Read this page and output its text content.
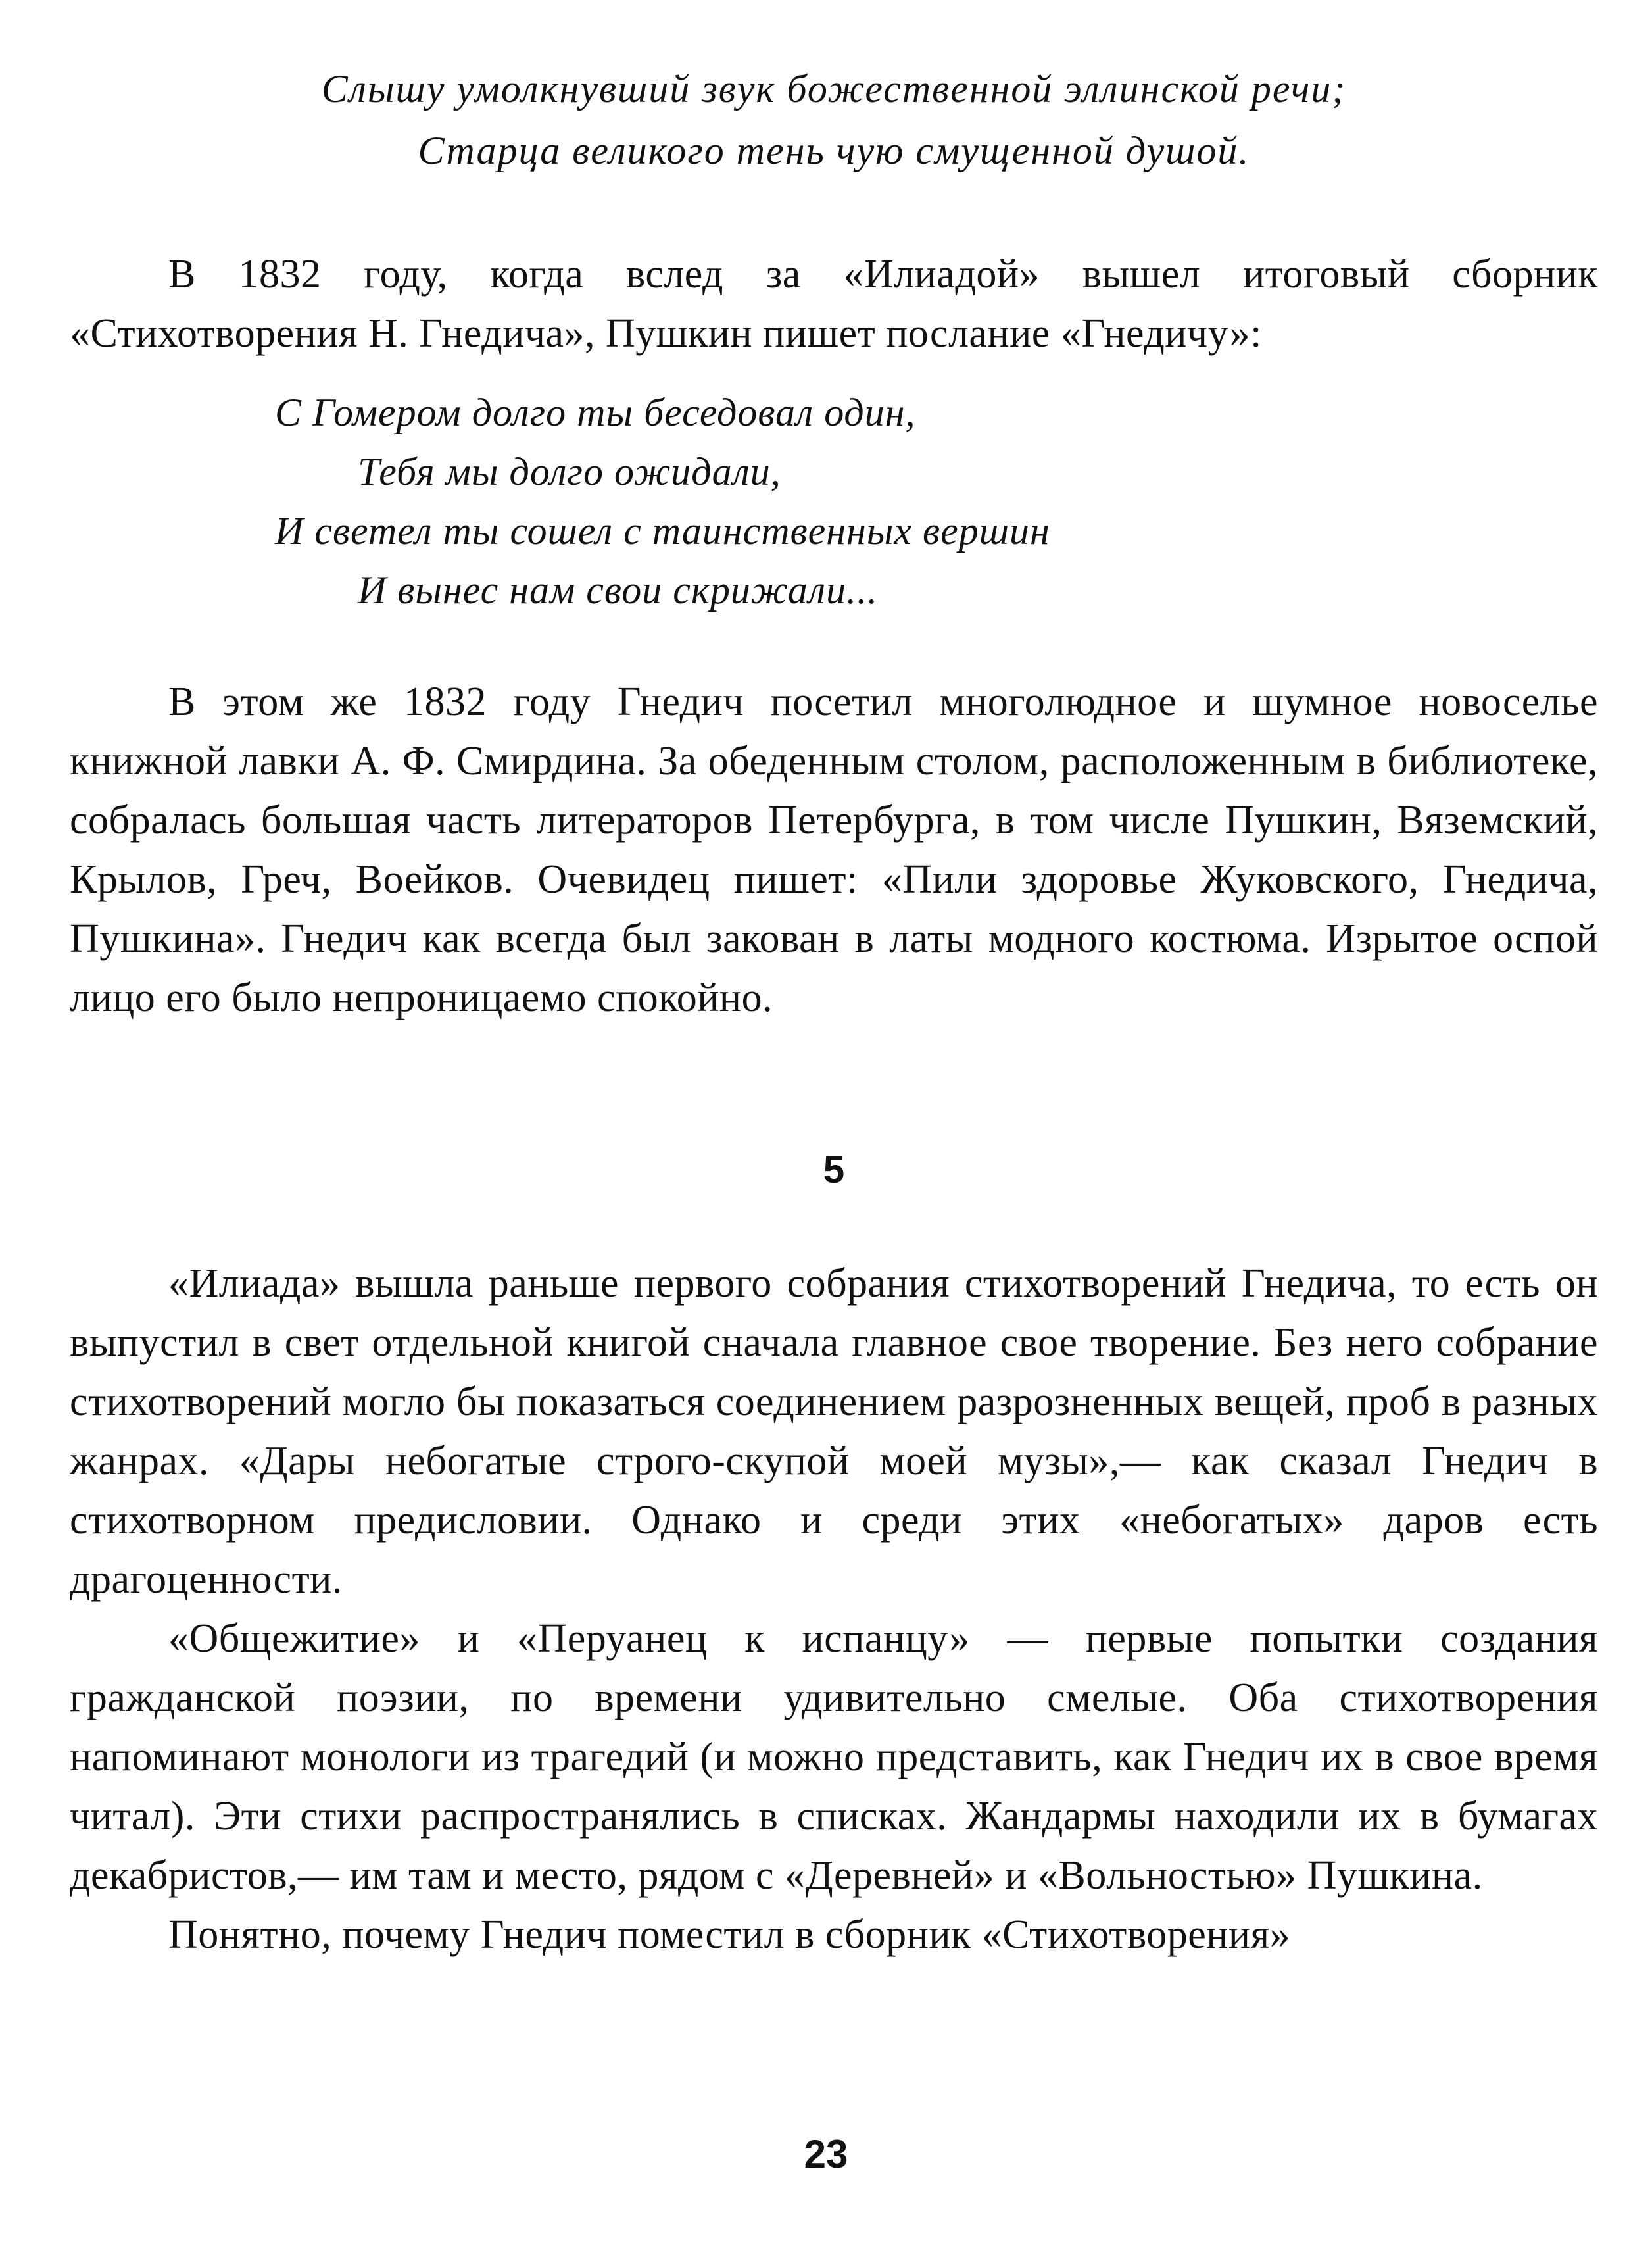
Слышу умолкнувший звук божественной эллинской речи;
Старца великого тень чую смущенной душой.

В 1832 году, когда вслед за «Илиадой» вышел итоговый сборник «Стихотворения Н. Гнедича», Пушкин пишет послание «Гнедичу»:

С Гомером долго ты беседовал один,
Тебя мы долго ожидали,
И светел ты сошел с таинственных вершин
И вынес нам свои скрижали...

В этом же 1832 году Гнедич посетил многолюдное и шумное новоселье книжной лавки А. Ф. Смирдина. За обеденным столом, расположенным в библиотеке, собралась большая часть литераторов Петербурга, в том числе Пушкин, Вяземский, Крылов, Греч, Воейков. Очевидец пишет: «Пили здоровье Жуковского, Гнедича, Пушкина». Гнедич как всегда был закован в латы модного костюма. Изрытое оспой лицо его было непроницаемо спокойно.

5

«Илиада» вышла раньше первого собрания стихотворений Гнедича, то есть он выпустил в свет отдельной книгой сначала главное свое творение. Без него собрание стихотворений могло бы показаться соединением разрозненных вещей, проб в разных жанрах. «Дары небогатые строго-скупой моей музы»,— как сказал Гнедич в стихотворном предисловии. Однако и среди этих «небогатых» даров есть драгоценности.

«Общежитие» и «Перуанец к испанцу» — первые попытки создания гражданской поэзии, по времени удивительно смелые. Оба стихотворения напоминают монологи из трагедий (и можно представить, как Гнедич их в свое время читал). Эти стихи распространялись в списках. Жандармы находили их в бумагах декабристов,— им там и место, рядом с «Деревней» и «Вольностью» Пушкина.

Понятно, почему Гнедич поместил в сборник «Стихотворения»

23
